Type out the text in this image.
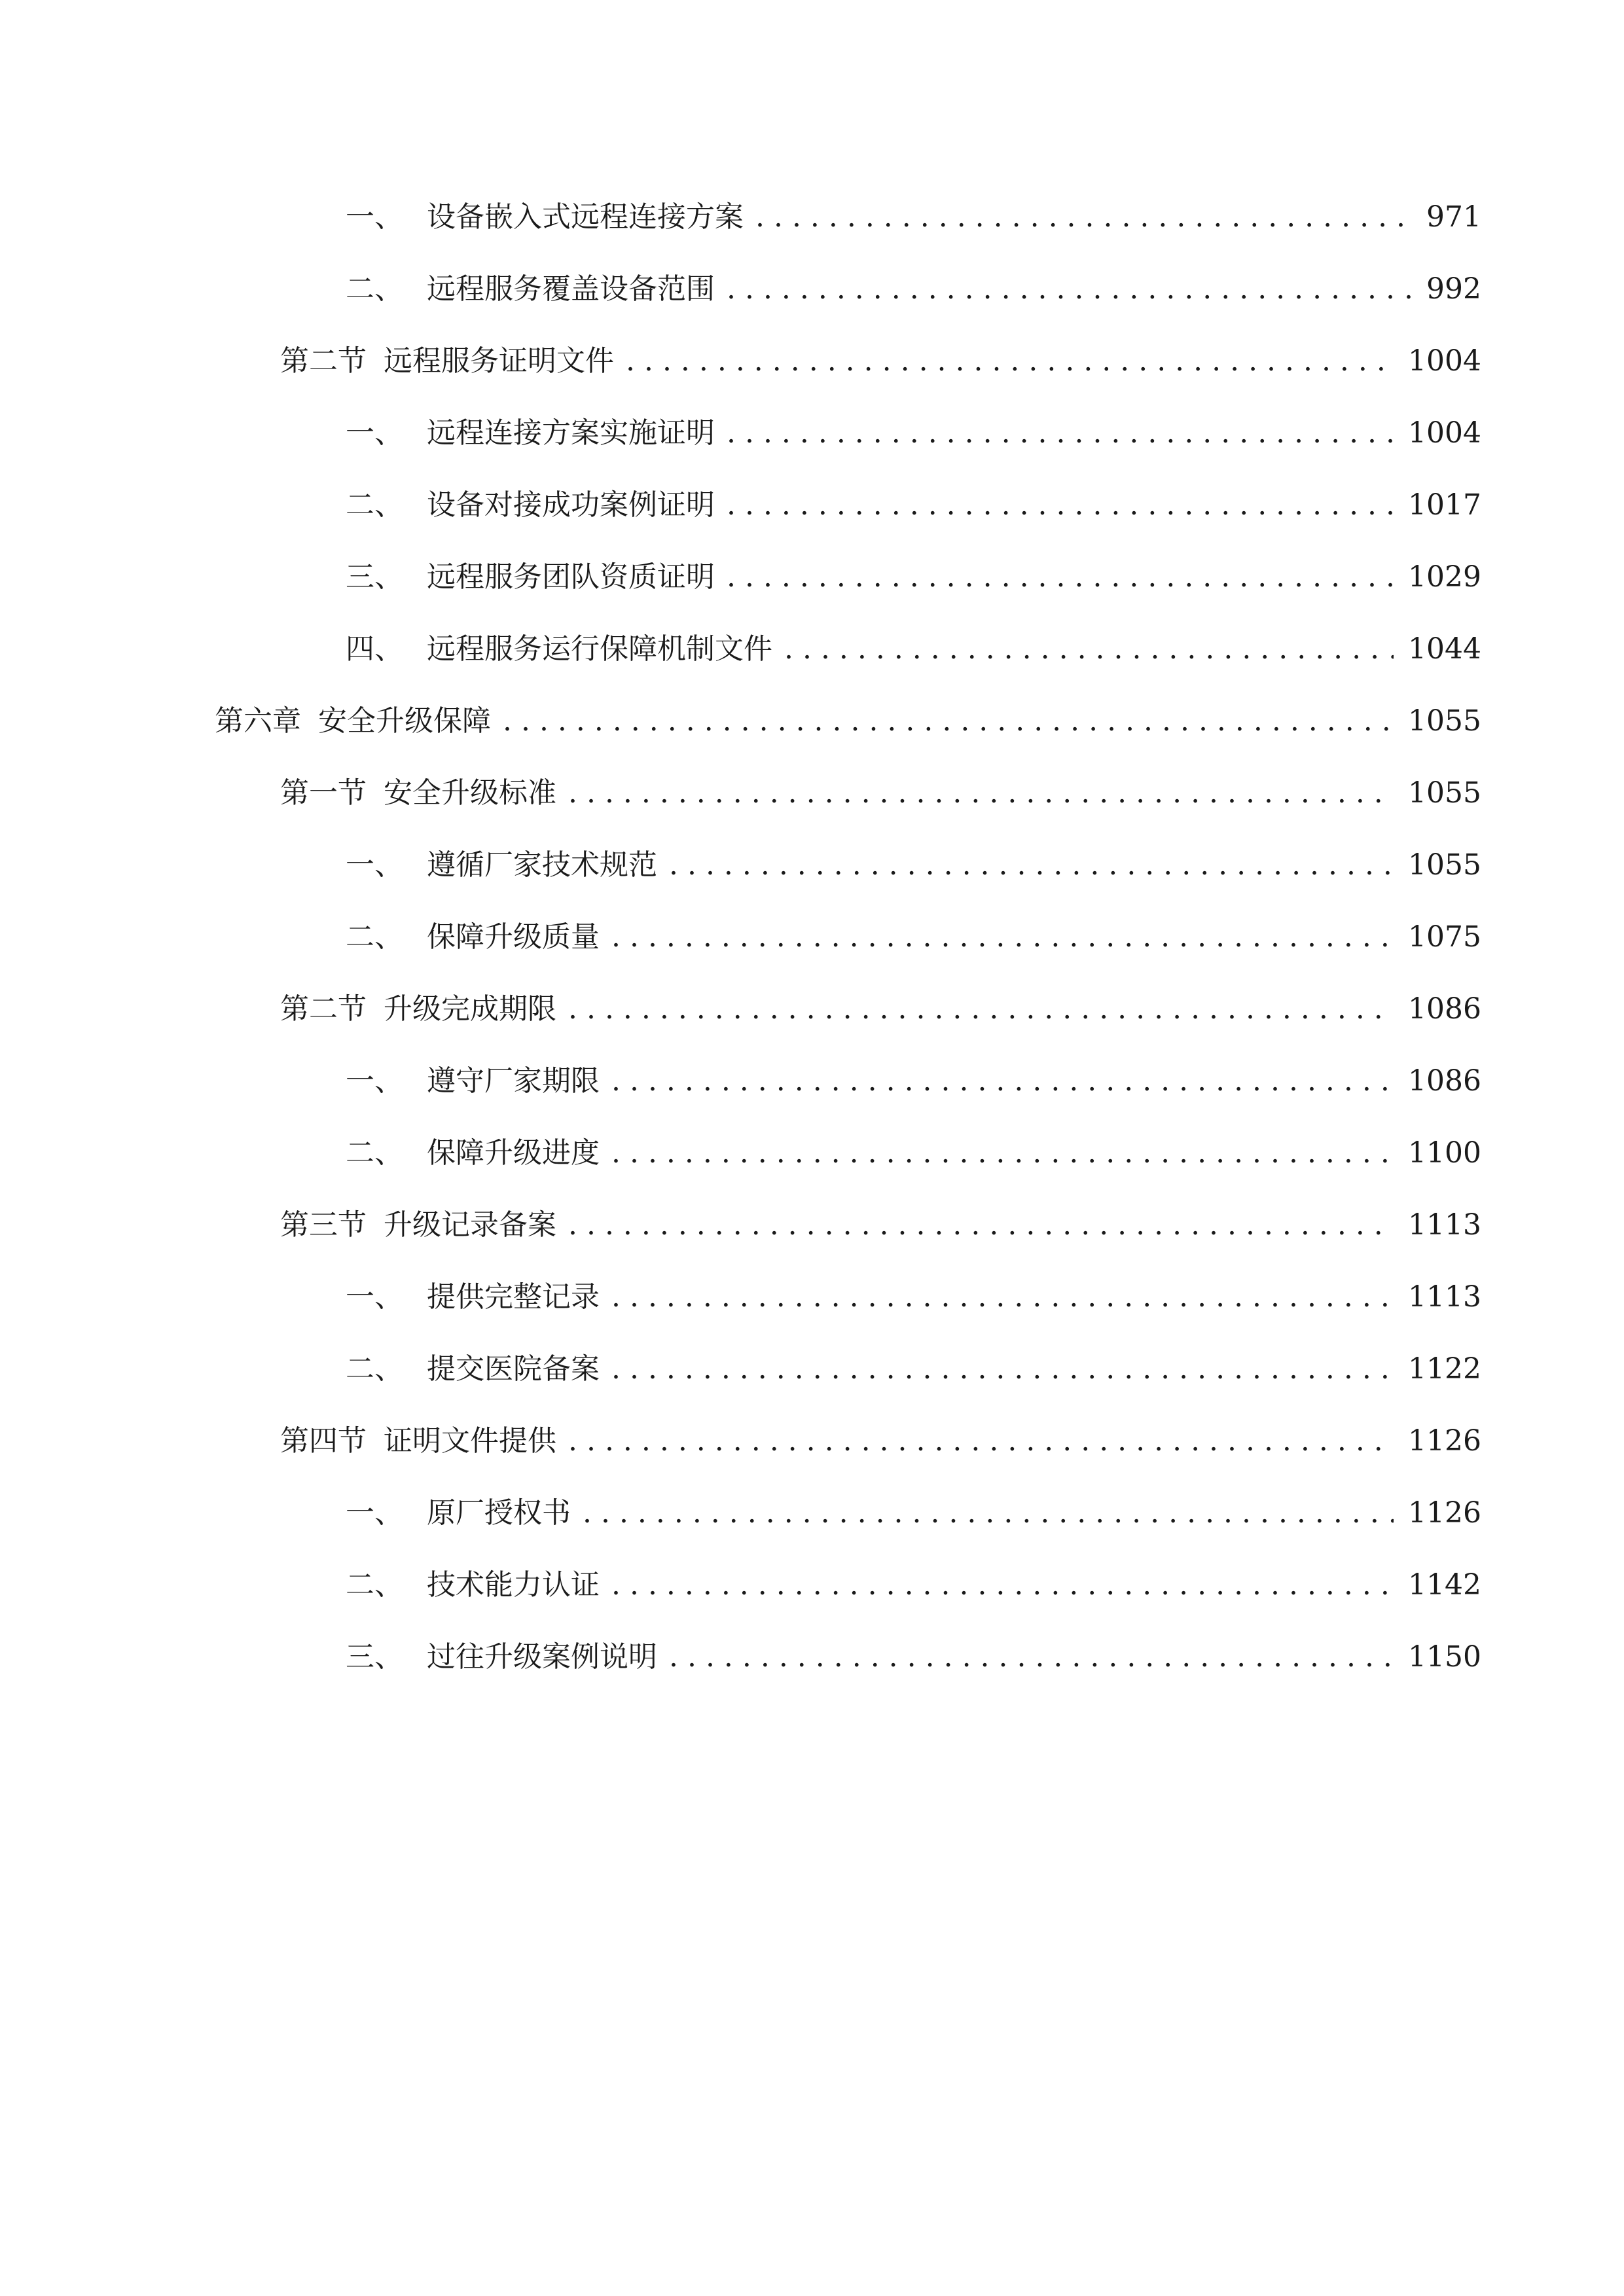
一、 设备嵌入式远程连接方案 . . .	971
二、 远程服务覆盖设备范围 . . .	992
第二节 远程服务证明文件 . . .	1004
一、 远程连接方案实施证明 . . .	1004
二、 设备对接成功案例证明 . . .	1017
三、 远程服务团队资质证明 . . .	1029
四、 远程服务运行保障机制文件 . . .	1044
第六章 安全升级保障 . . .	1055
第一节 安全升级标准 . . .	1055
一、 遵循厂家技术规范 . . .	1055
二、 保障升级质量 . . .	1075
第二节 升级完成期限 . . .	1086
一、 遵守厂家期限 . . .	1086
二、 保障升级进度 . . .	1100
第三节 升级记录备案 . . .	1113
一、 提供完整记录 . . .	1113
二、 提交医院备案 . . .	1122
第四节 证明文件提供 . . .	1126
一、 原厂授权书 . . .	1126
二、 技术能力认证 . . .	1142
三、 过往升级案例说明 . . .	1150
